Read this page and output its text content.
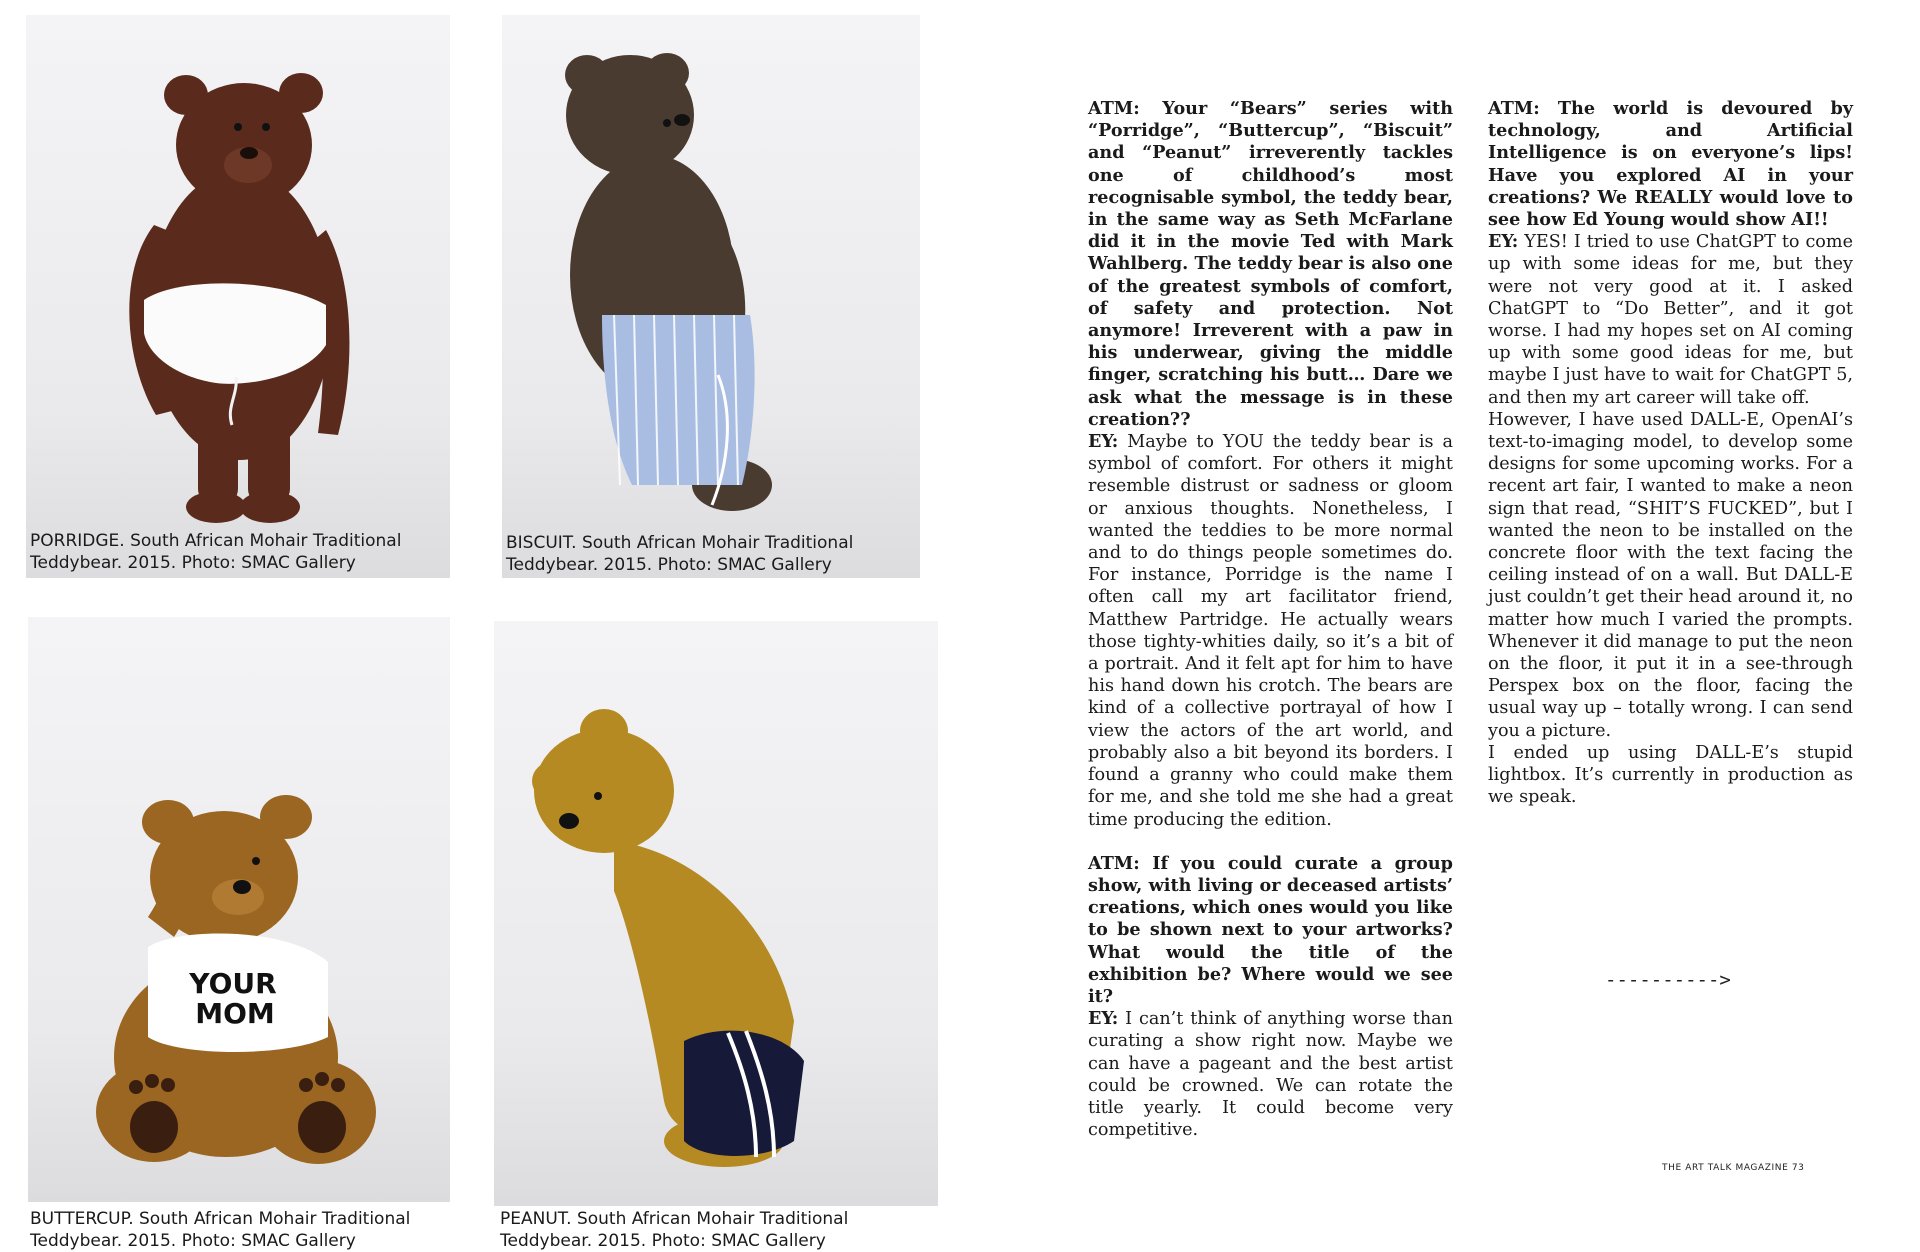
PORRIDGE. South African Mohair Traditional
Teddybear. 2015. Photo: SMAC Gallery
BISCUIT. South African Mohair Traditional
Teddybear. 2015. Photo: SMAC Gallery
YOUR
MOM
BUTTERCUP. South African Mohair Traditional
Teddybear. 2015. Photo: SMAC Gallery
PEANUT. South African Mohair Traditional
Teddybear. 2015. Photo: SMAC Gallery

ATM: Your “Bears” series with “Porridge”, “Buttercup”, “Biscuit” and “Peanut” irreverently tackles one of childhood’s most recognisable symbol, the teddy bear, in the same way as Seth McFarlane did it in the movie Ted with Mark Wahlberg. The teddy bear is also one of the greatest symbols of comfort, of safety and protection. Not anymore! Irreverent with a paw in his underwear, giving the middle finger, scratching his butt… Dare we ask what the message is in these creation??

EY: Maybe to YOU the teddy bear is a symbol of comfort. For others it might resemble distrust or sadness or gloom or anxious thoughts. Nonetheless, I wanted the teddies to be more normal and to do things people sometimes do. For instance, Porridge is the name I often call my art facilitator friend, Matthew Partridge. He actually wears those tighty-whities daily, so it’s a bit of a portrait. And it felt apt for him to have his hand down his crotch. The bears are kind of a collective portrayal of how I view the actors of the art world, and probably also a bit beyond its borders. I found a granny who could make them for me, and she told me she had a great time producing the edition.

ATM: If you could curate a group show, with living or deceased artists’ creations, which ones would you like to be shown next to your artworks? What would the title of the exhibition be? Where would we see it?

EY: I can’t think of anything worse than curating a show right now. Maybe we can have a pageant and the best artist could be crowned. We can rotate the title yearly. It could become very competitive.

ATM: The world is devoured by technology, and Artificial Intelligence is on everyone’s lips! Have you explored AI in your creations? We REALLY would love to see how Ed Young would show AI!!

EY: YES! I tried to use ChatGPT to come up with some ideas for me, but they were not very good at it. I asked ChatGPT to “Do Better”, and it got worse. I had my hopes set on AI coming up with some good ideas for me, but maybe I just have to wait for ChatGPT 5, and then my art career will take off.

However, I have used DALL-E, OpenAI’s text-to-imaging model, to develop some designs for some upcoming works. For a recent art fair, I wanted to make a neon sign that read, “SHIT’S FUCKED”, but I wanted the neon to be installed on the concrete floor with the text facing the ceiling instead of on a wall. But DALL-E just couldn’t get their head around it, no matter how much I varied the prompts. Whenever it did manage to put the neon on the floor, it put it in a see-through Perspex box on the floor, facing the usual way up – totally wrong. I can send you a picture.

I ended up using DALL-E’s stupid lightbox. It’s currently in production as we speak.

---------->
THE ART TALK MAGAZINE 73
